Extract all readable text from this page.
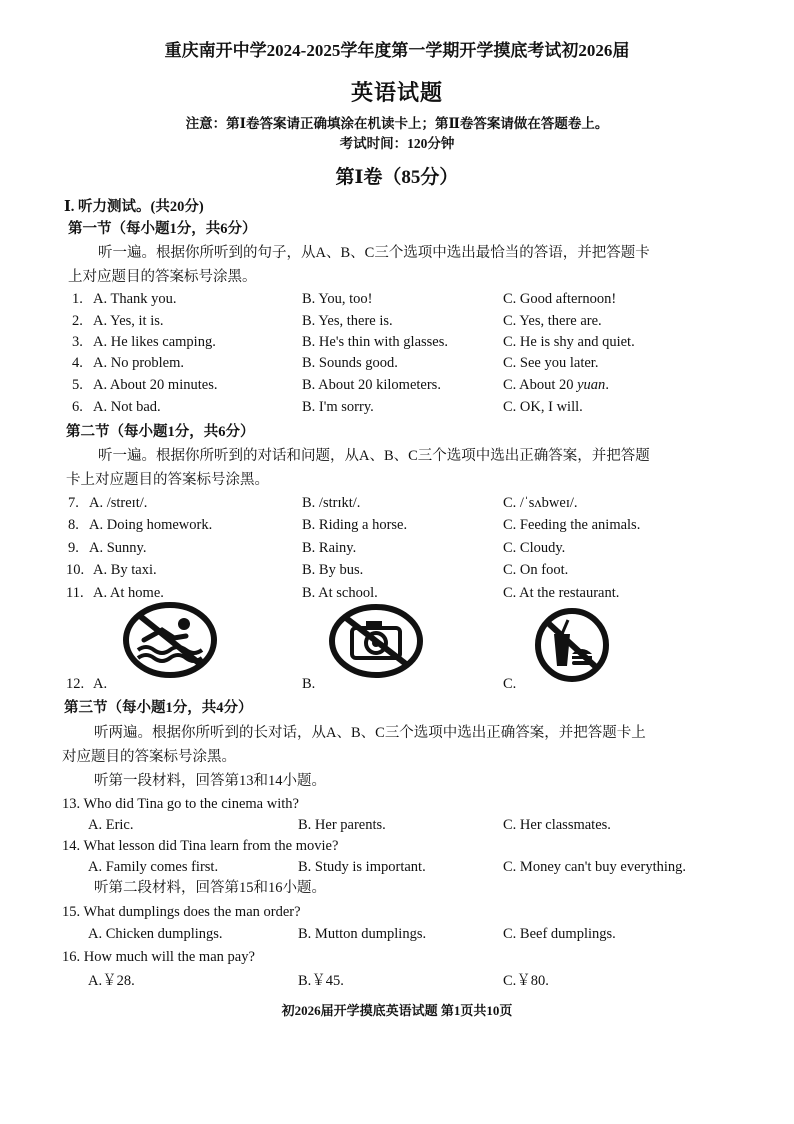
重庆南开中学2024-2025学年度第一学期开学摸底考试初2026届
英语试题
注意：第Ⅰ卷答案请正确填涂在机读卡上；第Ⅱ卷答案请做在答题卷上。
考试时间：120分钟
第Ⅰ卷（85分）
Ⅰ. 听力测试。(共20分)
第一节（每小题1分，共6分）
听一遍。根据你所听到的句子，从A、B、C三个选项中选出最恰当的答语，并把答题卡
上对应题目的答案标号涂黑。
1. A. Thank you.	B. You, too!	C. Good afternoon!
2. A. Yes, it is.	B. Yes, there is.	C. Yes, there are.
3. A. He likes camping.	B. He's thin with glasses.	C. He is shy and quiet.
4. A. No problem.	B. Sounds good.	C. See you later.
5. A. About 20 minutes.	B. About 20 kilometers.	C. About 20 yuan.
6. A. Not bad.	B. I'm sorry.	C. OK, I will.
第二节（每小题1分，共6分）
听一遍。根据你所听到的对话和问题，从A、B、C三个选项中选出正确答案，并把答题
卡上对应题目的答案标号涂黑。
7. A. /streɪt/.	B. /strɪkt/.	C. /ˈsʌbweɪ/.
8. A. Doing homework.	B. Riding a horse.	C. Feeding the animals.
9. A. Sunny.	B. Rainy.	C. Cloudy.
10. A. By taxi.	B. By bus.	C. On foot.
11. A. At home.	B. At school.	C. At the restaurant.
12. A.	B.	C.
第三节（每小题1分，共4分）
听两遍。根据你所听到的长对话，从A、B、C三个选项中选出正确答案，并把答题卡上
对应题目的答案标号涂黑。
听第一段材料，回答第13和14小题。
13. Who did Tina go to the cinema with?
A. Eric.	B. Her parents.	C. Her classmates.
14. What lesson did Tina learn from the movie?
A. Family comes first.	B. Study is important.	C. Money can't buy everything.
听第二段材料，回答第15和16小题。
15. What dumplings does the man order?
A. Chicken dumplings.	B. Mutton dumplings.	C. Beef dumplings.
16. How much will the man pay?
A.￥28.	B.￥45.	C.￥80.
初2026届开学摸底英语试题 第1页共10页
